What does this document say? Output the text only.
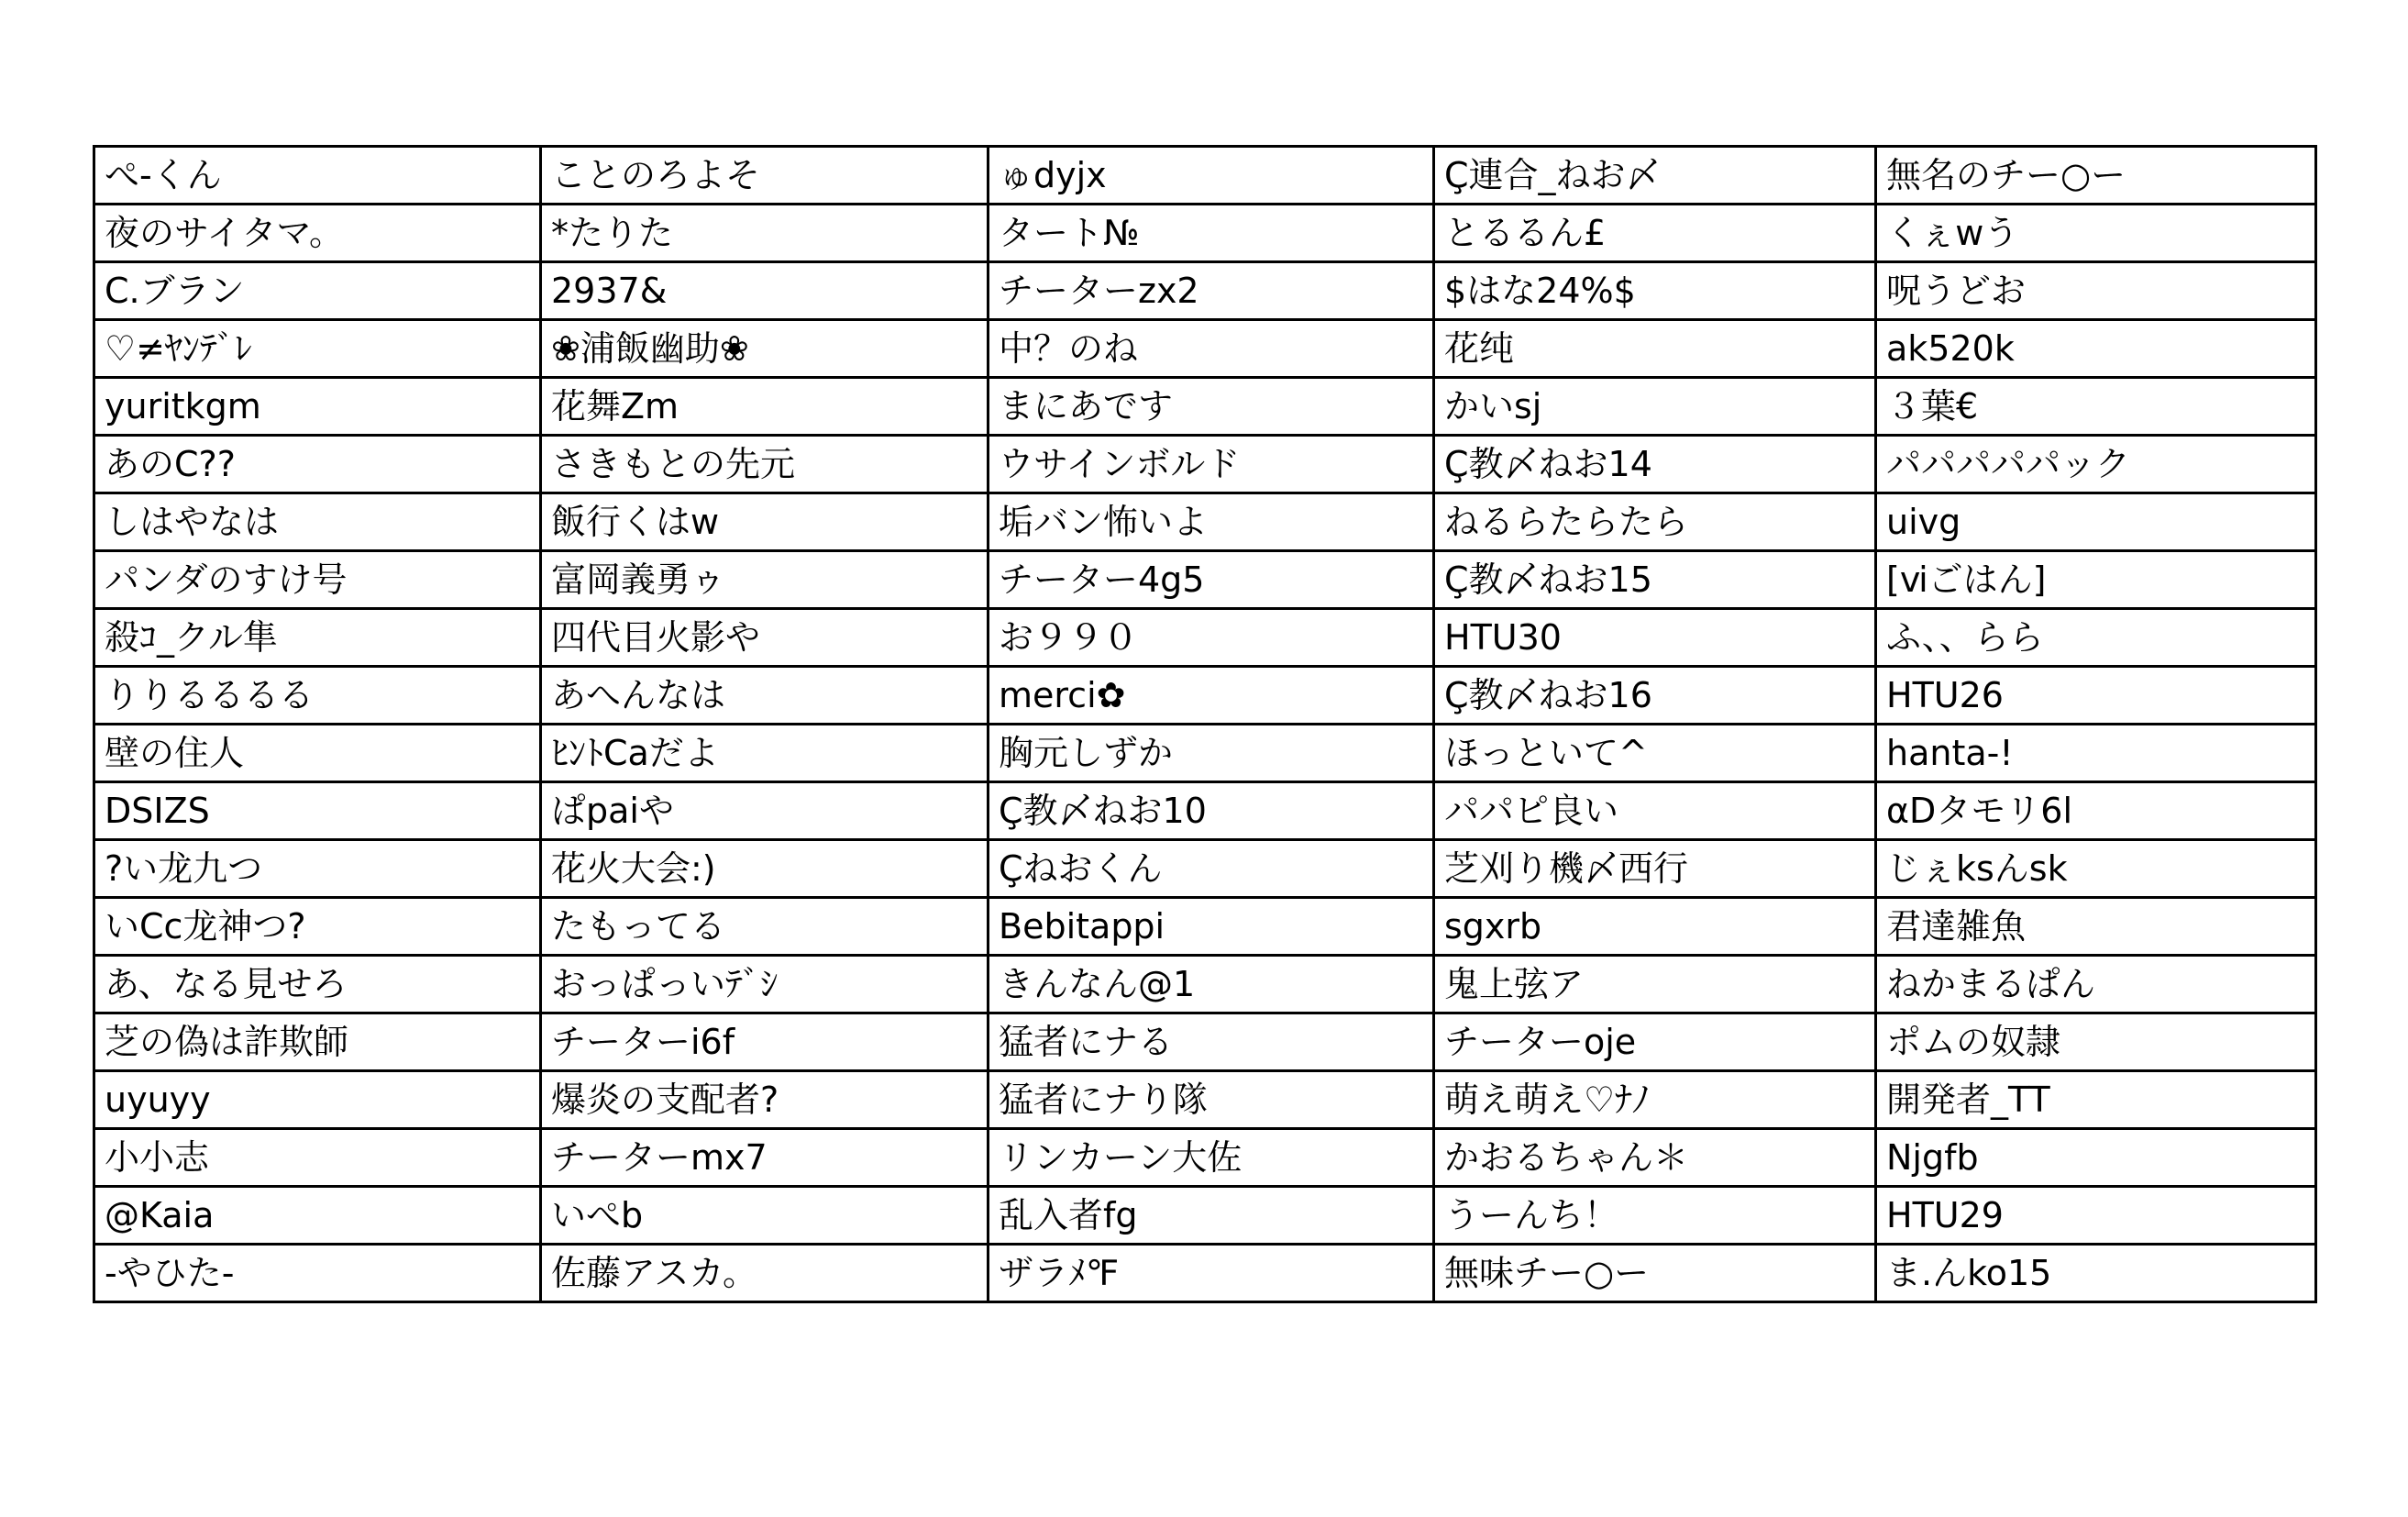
ぺ-くん	ことのろよそ	ゅdyjx	Ç連合_ねお〆	無名のチー○ー
夜のサイタマ。	*たりた	タート№	とるるん£	くぇwう
C.ブラン	2937&	チーターzx2	$はな24%$	呪うどお
♡≠ﾔﾝﾃﾞﾚ	❀浦飯幽助❀	中？のね	花纯	ak520k
yuritkgm	花舞Zm	まにあです	かいsj	３葉€
あのC??	さきもとの先元	ウサインボルド	Ç教〆ねお14	パパパパパック
しはやなは	飯行くはw	垢バン怖いよ	ねるらたらたら	uivg
パンダのすけ号	富岡義勇ゥ	チーター4g5	Ç教〆ねお15	[ⅵごはん]
殺ｺ_クル隼	四代目火影や	お９９０	HTU30	ふ、、らら
りりるるるる	あへんなは	merci✿	Ç教〆ねお16	HTU26
壁の住人	ﾋﾝﾄCaだよ	胸元しずか	ほっといて^	hanta-!
DSIZS	ぱpaiや	Ç教〆ねお10	パパピ良い	αDタモリ6l
?い龙九つ	花火大会:)	Çねおくん	芝刈り機〆西行	じぇksんsk
いCc龙神つ?	たもってる	Bebitappi	sgxrb	君達雑魚
あ、なる見せろ	おっぱっいﾃﾞｼ	きんなん@1	鬼上弦ア	ねかまるぱん
芝の偽は詐欺師	チーターi6f	猛者にナる	チーターoje	ポムの奴隷
uyuyy	爆炎の支配者?	猛者にナり隊	萌え萌え♡ﾅﾉ	開発者_TT
小小志	チーターmx7	リンカーン大佐	かおるちゃん＊	Njgfb
@Kaia	いぺb	乱入者fg	うーんち！	HTU29
-やひた-	佐藤アスカ。	ザラﾒ℉	無味チー○ー	ま.んko15
